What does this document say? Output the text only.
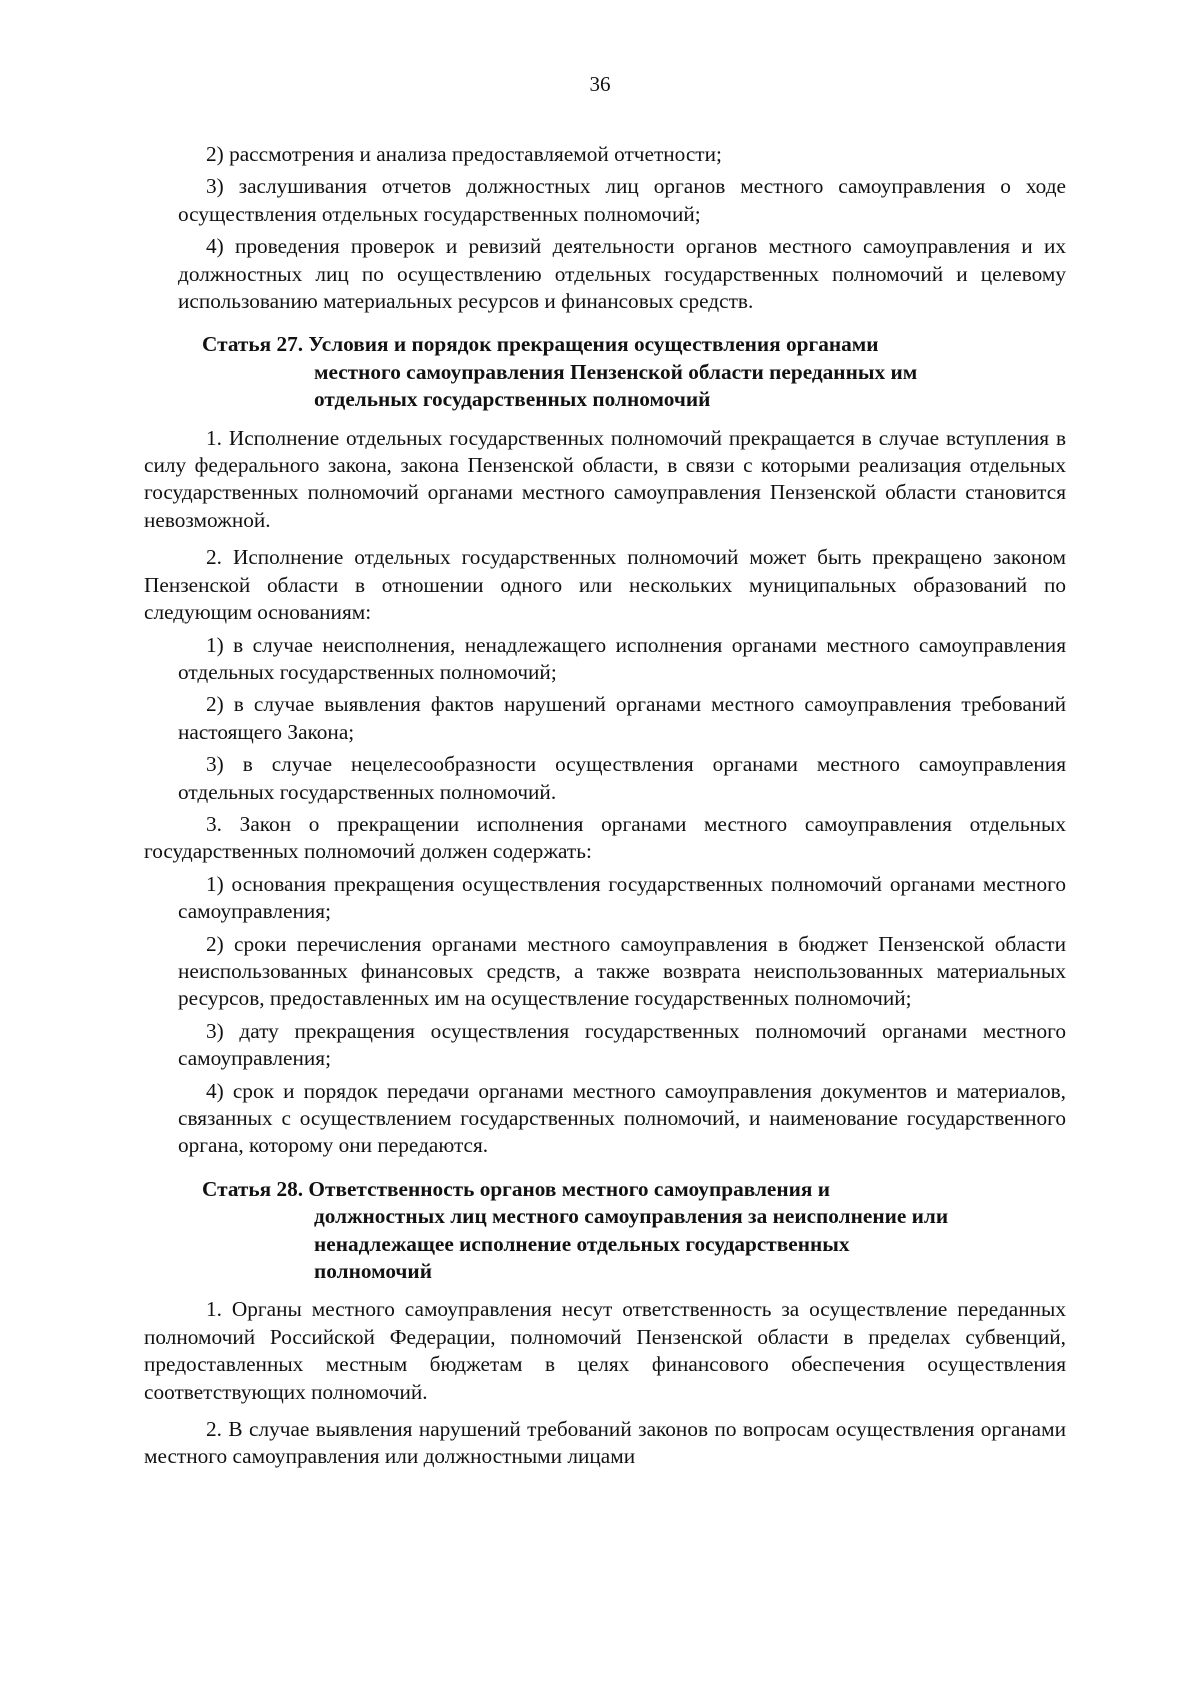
36

2) рассмотрения и анализа предоставляемой отчетности;

3) заслушивания отчетов должностных лиц органов местного самоуправления о ходе осуществления отдельных государственных полномочий;

4) проведения проверок и ревизий деятельности органов местного самоуправления и их должностных лиц по осуществлению отдельных государственных полномочий и целевому использованию материальных ресурсов и финансовых средств.

Статья 27. Условия и порядок прекращения осуществления органами
местного самоуправления Пензенской области переданных им
отдельных государственных полномочий

1. Исполнение отдельных государственных полномочий прекращается в случае вступления в силу федерального закона, закона Пензенской области, в связи с которыми реализация отдельных государственных полномочий органами местного самоуправления Пензенской области становится невозможной.

2. Исполнение отдельных государственных полномочий может быть прекращено законом Пензенской области в отношении одного или нескольких муниципальных образований по следующим основаниям:

1) в случае неисполнения, ненадлежащего исполнения органами местного самоуправления отдельных государственных полномочий;

2) в случае выявления фактов нарушений органами местного самоуправления требований настоящего Закона;

3) в случае нецелесообразности осуществления органами местного самоуправления отдельных государственных полномочий.

3. Закон о прекращении исполнения органами местного самоуправления отдельных государственных полномочий должен содержать:

1) основания прекращения осуществления государственных полномочий органами местного самоуправления;

2) сроки перечисления органами местного самоуправления в бюджет Пензенской области неиспользованных финансовых средств, а также возврата неиспользованных материальных ресурсов, предоставленных им на осуществление государственных полномочий;

3) дату прекращения осуществления государственных полномочий органами местного самоуправления;

4) срок и порядок передачи органами местного самоуправления документов и материалов, связанных с осуществлением государственных полномочий, и наименование государственного органа, которому они передаются.

Статья 28. Ответственность органов местного самоуправления и
должностных лиц местного самоуправления за неисполнение или
ненадлежащее исполнение отдельных государственных
полномочий

1. Органы местного самоуправления несут ответственность за осуществление переданных полномочий Российской Федерации, полномочий Пензенской области в пределах субвенций, предоставленных местным бюджетам в целях финансового обеспечения осуществления соответствующих полномочий.

2. В случае выявления нарушений требований законов по вопросам осуществления органами местного самоуправления или должностными лицами
